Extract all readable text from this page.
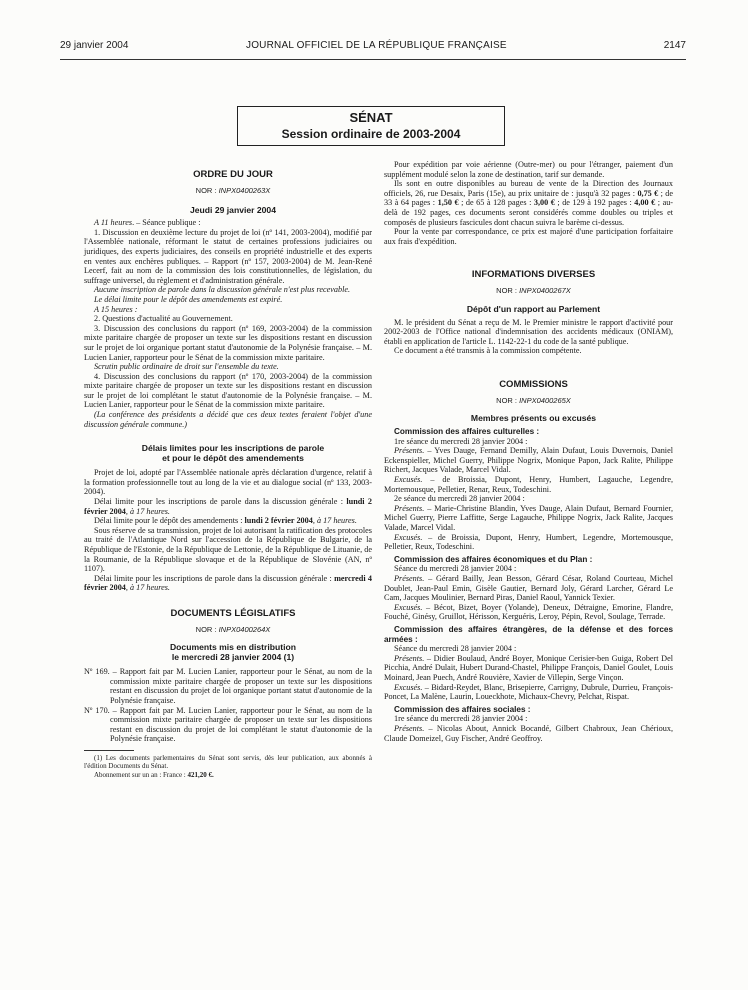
29 janvier 2004	JOURNAL OFFICIEL DE LA RÉPUBLIQUE FRANÇAISE	2147
SÉNAT
Session ordinaire de 2003-2004

ORDRE DU JOUR

NOR : INPX0400263X

Jeudi 29 janvier 2004

A 11 heures. – Séance publique :

1. Discussion en deuxième lecture du projet de loi (nº 141, 2003-2004), modifié par l'Assemblée nationale, réformant le statut de certaines professions judiciaires ou juridiques, des experts judiciaires, des conseils en propriété industrielle et des experts en ventes aux enchères publiques. – Rapport (nº 157, 2003-2004) de M. Jean-René Lecerf, fait au nom de la commission des lois constitutionnelles, de législation, du suffrage universel, du règlement et d'administration générale.

Aucune inscription de parole dans la discussion générale n'est plus recevable.

Le délai limite pour le dépôt des amendements est expiré.

A 15 heures :

2. Questions d'actualité au Gouvernement.

3. Discussion des conclusions du rapport (nº 169, 2003-2004) de la commission mixte paritaire chargée de proposer un texte sur les dispositions restant en discussion sur le projet de loi organique portant statut d'autonomie de la Polynésie française. – M. Lucien Lanier, rapporteur pour le Sénat de la commission mixte paritaire.

Scrutin public ordinaire de droit sur l'ensemble du texte.

4. Discussion des conclusions du rapport (nº 170, 2003-2004) de la commission mixte paritaire chargée de proposer un texte sur les dispositions restant en discussion sur le projet de loi complétant le statut d'autonomie de la Polynésie française. – M. Lucien Lanier, rapporteur pour le Sénat de la commission mixte paritaire.

(La conférence des présidents a décidé que ces deux textes feraient l'objet d'une discussion générale commune.)

Délais limites pour les inscriptions de parole

et pour le dépôt des amendements

Projet de loi, adopté par l'Assemblée nationale après déclaration d'urgence, relatif à la formation professionnelle tout au long de la vie et au dialogue social (nº 133, 2003-2004).

Délai limite pour les inscriptions de parole dans la discussion générale : lundi 2 février 2004, à 17 heures.

Délai limite pour le dépôt des amendements : lundi 2 février 2004, à 17 heures.

Sous réserve de sa transmission, projet de loi autorisant la ratification des protocoles au traité de l'Atlantique Nord sur l'accession de la République de Bulgarie, de la République de l'Estonie, de la République de Lettonie, de la République de Lituanie, de la Roumanie, de la République slovaque et de la République de Slovénie (AN, nº 1107).

Délai limite pour les inscriptions de parole dans la discussion générale : mercredi 4 février 2004, à 17 heures.

DOCUMENTS LÉGISLATIFS

NOR : INPX0400264X

Documents mis en distribution

le mercredi 28 janvier 2004 (1)

Nº 169. – Rapport fait par M. Lucien Lanier, rapporteur pour le Sénat, au nom de la commission mixte paritaire chargée de proposer un texte sur les dispositions restant en discussion du projet de loi organique portant statut d'autonomie de la Polynésie française.

Nº 170. – Rapport fait par M. Lucien Lanier, rapporteur pour le Sénat, au nom de la commission mixte paritaire chargée de proposer un texte sur les dispositions restant en discussion du projet de loi complétant le statut d'autonomie de la Polynésie française.

(1) Les documents parlementaires du Sénat sont servis, dès leur publication, aux abonnés à l'édition Documents du Sénat.

Abonnement sur un an : France : 421,20 €.

Pour expédition par voie aérienne (Outre-mer) ou pour l'étranger, paiement d'un supplément modulé selon la zone de destination, tarif sur demande.

Ils sont en outre disponibles au bureau de vente de la Direction des Journaux officiels, 26, rue Desaix, Paris (15e), au prix unitaire de : jusqu'à 32 pages : 0,75 € ; de 33 à 64 pages : 1,50 € ; de 65 à 128 pages : 3,00 € ; de 129 à 192 pages : 4,00 € ; au-delà de 192 pages, ces documents seront considérés comme doubles ou triples et composés de plusieurs fascicules dont chacun suivra le barème ci-dessus.

Pour la vente par correspondance, ce prix est majoré d'une participation forfaitaire aux frais d'expédition.

INFORMATIONS DIVERSES

NOR : INPX0400267X

Dépôt d'un rapport au Parlement

M. le président du Sénat a reçu de M. le Premier ministre le rapport d'activité pour 2002-2003 de l'Office national d'indemnisation des accidents médicaux (ONIAM), établi en application de l'article L. 1142-22-1 du code de la santé publique.

Ce document a été transmis à la commission compétente.

COMMISSIONS

NOR : INPX0400265X

Membres présents ou excusés

Commission des affaires culturelles :

1re séance du mercredi 28 janvier 2004 :

Présents. – Yves Dauge, Fernand Demilly, Alain Dufaut, Louis Duvernois, Daniel Eckenspieller, Michel Guerry, Philippe Nogrix, Monique Papon, Jack Ralite, Philippe Richert, Jacques Valade, Marcel Vidal.

Excusés. – de Broissia, Dupont, Henry, Humbert, Lagauche, Legendre, Mortemousque, Pelletier, Renar, Reux, Todeschini.

2e séance du mercredi 28 janvier 2004 :

Présents. – Marie-Christine Blandin, Yves Dauge, Alain Dufaut, Bernard Fournier, Michel Guerry, Pierre Laffitte, Serge Lagauche, Philippe Nogrix, Jack Ralite, Jacques Valade, Marcel Vidal.

Excusés. – de Broissia, Dupont, Henry, Humbert, Legendre, Mortemousque, Pelletier, Reux, Todeschini.

Commission des affaires économiques et du Plan :

Séance du mercredi 28 janvier 2004 :

Présents. – Gérard Bailly, Jean Besson, Gérard César, Roland Courteau, Michel Doublet, Jean-Paul Emin, Gisèle Gautier, Bernard Joly, Gérard Larcher, Gérard Le Cam, Jacques Moulinier, Bernard Piras, Daniel Raoul, Yannick Texier.

Excusés. – Bécot, Bizet, Boyer (Yolande), Deneux, Détraigne, Emorine, Flandre, Fouché, Ginésy, Gruillot, Hérisson, Kerguéris, Leroy, Pépin, Revol, Soulage, Terrade.

Commission des affaires étrangères, de la défense et des forces armées :

Séance du mercredi 28 janvier 2004 :

Présents. – Didier Boulaud, André Boyer, Monique Cerisier-ben Guiga, Robert Del Picchia, André Dulait, Hubert Durand-Chastel, Philippe François, Daniel Goulet, Louis Moinard, Jean Puech, André Rouvière, Xavier de Villepin, Serge Vinçon.

Excusés. – Bidard-Reydet, Blanc, Brisepierre, Carrigny, Dubrule, Durrieu, François-Poncet, La Malène, Laurin, Loueckhote, Michaux-Chevry, Pelchat, Rispat.

Commission des affaires sociales :

1re séance du mercredi 28 janvier 2004 :

Présents. – Nicolas About, Annick Bocandé, Gilbert Chabroux, Jean Chérioux, Claude Domeizel, Guy Fischer, André Geoffroy.
